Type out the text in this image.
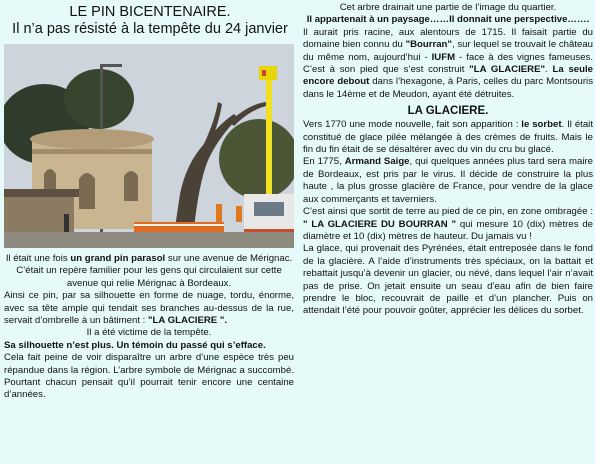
LE PIN BICENTENAIRE.
Il n’a pas résisté à la tempête du 24 janvier

Il était une fois un grand pin parasol sur une avenue de Mérignac.

C’était un repère familier pour les gens qui circulaient sur cette avenue qui relie Mérignac à Bordeaux.

Ainsi ce pin, par sa silhouette en forme de nuage, tordu, énorme, avec sa tête ample qui tendait ses branches au-dessus de la rue, servait d’ombrelle à un bâtiment : "LA GLACIERE ".

Il a été victime de la tempête.

Sa silhouette n’est plus. Un témoin du passé qui s’efface.

Cela fait peine de voir disparaître un arbre d’une espèce très peu répandue dans la région. L’arbre symbole de Mérignac a succombé. Pourtant chacun pensait qu’il pourrait tenir encore une centaine d’années.

Cet arbre drainait une partie de l’image du quartier.

Il appartenait à un paysage……Il donnait une perspective…….

Il aurait pris racine, aux alentours de 1715. Il faisait partie du domaine bien connu du "Bourran", sur lequel se trouvait le château du même nom, aujourd’hui - IUFM - face à des vignes fameuses. C’est à son pied que s’est construit "LA GLACIERE". La seule encore debout dans l’hexagone, à Paris, celles du parc Montsouris dans le 14ème et de Meudon, ayant été détruites.

LA GLACIERE.

Vers 1770 une mode nouvelle, fait son apparition : le sorbet. Il était constitué de glace pilée mélangée à des crèmes de fruits. Mais le fin du fin était de se désaltérer avec du vin du cru bu glacé.

En 1775, Armand Saige, qui quelques années plus tard sera maire de Bordeaux, est pris par le virus. Il décide de construire la plus haute , la plus grosse glacière de France, pour vendre de la glace aux commerçants et taverniers.

C’est ainsi que sortit de terre au pied de ce pin, en zone ombragée : " LA GLACIERE DU BOURRAN " qui mesure 10 (dix) mètres de diamètre et 10 (dix) mètres de hauteur. Du jamais vu !

La glace, qui provenait des Pyrénées, était entreposée dans le fond de la glacière. A l’aide d’instruments très spéciaux, on la battait et rebattait jusqu’à devenir un glacier, ou névé, dans lequel l’air n’avait pas de prise. On jetait ensuite un seau d’eau afin de bien faire prendre le bloc, recouvrait de paille et d’un plancher. Puis on attendait l’été pour pouvoir goûter, apprécier les délices du sorbet.
